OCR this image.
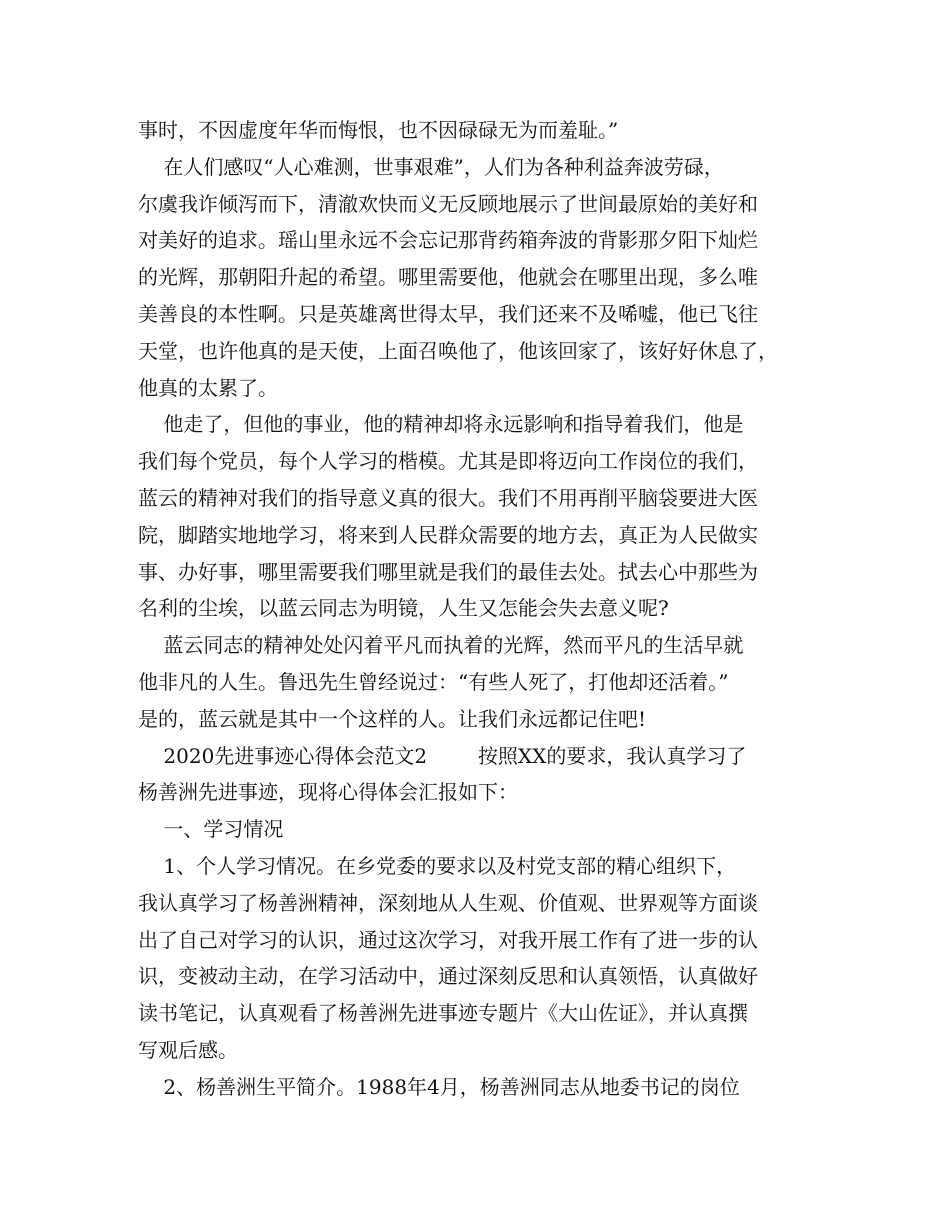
事时，不因虚度年华而悔恨，也不因碌碌无为而羞耻。”
在人们感叹“人心难测，世事艰难”，人们为各种利益奔波劳碌，
尔虞我诈倾泻而下，清澈欢快而义无反顾地展示了世间最原始的美好和
对美好的追求。瑶山里永远不会忘记那背药箱奔波的背影那夕阳下灿烂
的光辉，那朝阳升起的希望。哪里需要他，他就会在哪里出现，多么唯
美善良的本性啊。只是英雄离世得太早，我们还来不及唏嘘，他已飞往
天堂，也许他真的是天使，上面召唤他了，他该回家了，该好好休息了，
他真的太累了。
他走了，但他的事业，他的精神却将永远影响和指导着我们，他是
我们每个党员，每个人学习的楷模。尤其是即将迈向工作岗位的我们，
蓝云的精神对我们的指导意义真的很大。我们不用再削平脑袋要进大医
院，脚踏实地地学习，将来到人民群众需要的地方去，真正为人民做实
事、办好事，哪里需要我们哪里就是我们的最佳去处。拭去心中那些为
名利的尘埃，以蓝云同志为明镜，人生又怎能会失去意义呢?
蓝云同志的精神处处闪着平凡而执着的光辉，然而平凡的生活早就
他非凡的人生。鲁迅先生曾经说过：“有些人死了，打他却还活着。”
是的，蓝云就是其中一个这样的人。让我们永远都记住吧!
2020先进事迹心得体会范文2        按照XX的要求，我认真学习了
杨善洲先进事迹，现将心得体会汇报如下：
一、学习情况
1、个人学习情况。在乡党委的要求以及村党支部的精心组织下，
我认真学习了杨善洲精神，深刻地从人生观、价值观、世界观等方面谈
出了自己对学习的认识，通过这次学习，对我开展工作有了进一步的认
识，变被动主动，在学习活动中，通过深刻反思和认真领悟，认真做好
读书笔记，认真观看了杨善洲先进事迹专题片《大山佐证》，并认真撰
写观后感。
2、杨善洲生平简介。1988年4月，杨善洲同志从地委书记的岗位
